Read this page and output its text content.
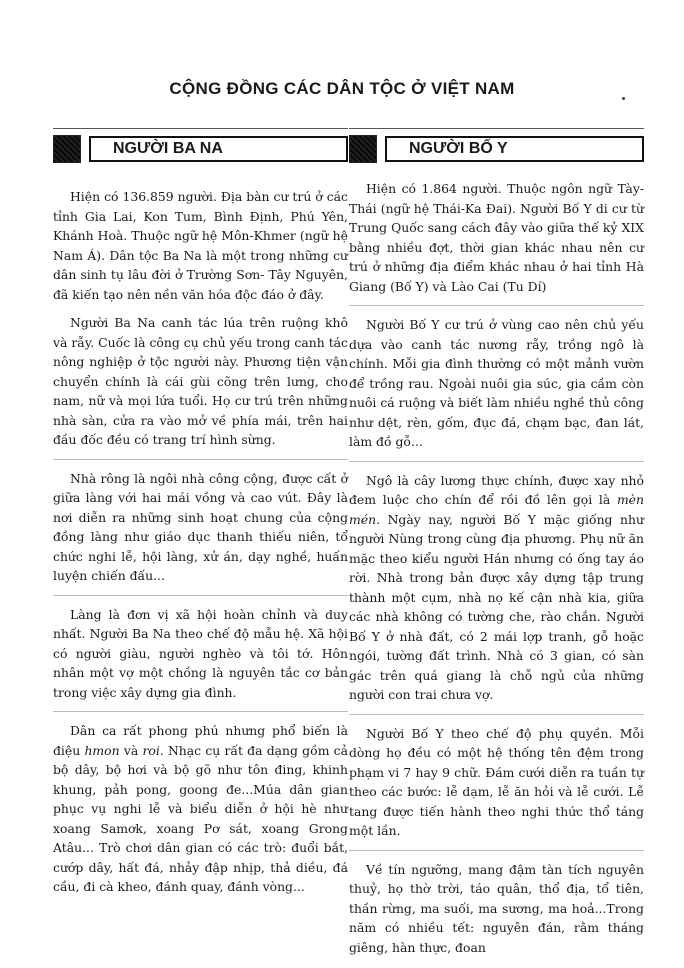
CỘNG ĐỒNG CÁC DÂN TỘC Ở VIỆT NAM
NGƯỜI BA NA

Hiện có 136.859 người. Địa bàn cư trú ở các tỉnh Gia Lai, Kon Tum, Bình Định, Phú Yên, Khánh Hoà. Thuộc ngữ hệ Môn-Khmer (ngữ hệ Nam Á). Dân tộc Ba Na là một trong những cư dân sinh tụ lâu đời ở Trường Sơn- Tây Nguyên, đã kiến tạo nên nền văn hóa độc đáo ở đây.

Người Ba Na canh tác lúa trên ruộng khô và rẫy. Cuốc là công cụ chủ yếu trong canh tác nông nghiệp ở tộc người này. Phương tiện vận chuyển chính là cái gùi cõng trên lưng, cho nam, nữ và mọi lứa tuổi. Họ cư trú trên những nhà sàn, cửa ra vào mở về phía mái, trên hai đầu đốc đều có trang trí hình sừng.

Nhà rông là ngôi nhà công cộng, được cất ở giữa làng với hai mái vồng và cao vút. Đây là nơi diễn ra những sinh hoạt chung của cộng đồng làng như giáo dục thanh thiếu niên, tổ chức nghi lễ, hội làng, xử án, dạy nghề, huấn luyện chiến đấu...

Làng là đơn vị xã hội hoàn chỉnh và duy nhất. Người Ba Na theo chế độ mẫu hệ. Xã hội có người giàu, người nghèo và tôi tớ. Hôn nhân một vợ một chồng là nguyên tắc cơ bản trong việc xây dựng gia đình.

Dân ca rất phong phú nhưng phổ biến là điệu hmon và roi. Nhạc cụ rất đa dạng gồm cả bộ dây, bộ hơi và bộ gõ như tôn đing, khinh khung, pảh pong, goong đe...Múa dân gian phục vụ nghi lễ và biểu diễn ở hội hè như xoang Samơk, xoang Pơ sát, xoang Grong Atâu... Trò chơi dân gian có các trò: đuổi bắt, cướp dây, hất đá, nhảy đập nhịp, thả diều, đá cầu, đi cà kheo, đánh quay, đánh vòng...

NGƯỜI BỐ Y

Hiện có 1.864 người. Thuộc ngôn ngữ Tày- Thái (ngữ hệ Thái-Ka Đai). Người Bố Y di cư từ Trung Quốc sang cách đây vào giữa thế kỷ XIX bằng nhiều đợt, thời gian khác nhau nên cư trú ở những địa điểm khác nhau ở hai tỉnh Hà Giang (Bố Y) và Lào Cai (Tu Dí)

Người Bố Y cư trú ở vùng cao nên chủ yếu dựa vào canh tác nương rẫy, trồng ngô là chính. Mỗi gia đình thường có một mảnh vườn để trồng rau. Ngoài nuôi gia súc, gia cầm còn nuôi cá ruộng và biết làm nhiều nghề thủ công như dệt, rèn, gốm, đục đá, chạm bạc, đan lát, làm đồ gỗ...

Ngô là cây lương thực chính, được xay nhỏ đem luộc cho chín để rồi đồ lên gọi là mèn mén. Ngày nay, người Bố Y mặc giống như người Nùng trong cùng địa phương. Phụ nữ ăn mặc theo kiểu người Hán nhưng có ống tay áo rời. Nhà trong bản được xây dựng tập trung thành một cụm, nhà nọ kế cận nhà kia, giữa các nhà không có tường che, rào chắn. Người Bố Y ở nhà đất, có 2 mái lợp tranh, gỗ hoặc ngói, tường đất trình. Nhà có 3 gian, có sàn gác trên quá giang là chỗ ngủ của những người con trai chưa vợ.

Người Bố Y theo chế độ phụ quyền. Mỗi dòng họ đều có một hệ thống tên đệm trong phạm vi 7 hay 9 chữ. Đám cưới diễn ra tuần tự theo các bước: lễ dạm, lễ ăn hỏi và lễ cưới. Lễ tang được tiến hành theo nghi thức thổ táng một lần.

Về tín ngưỡng, mang đậm tàn tích nguyên thuỷ, họ thờ trời, táo quân, thổ địa, tổ tiên, thần rừng, ma suối, ma sương, ma hoả...Trong năm có nhiều tết: nguyên đán, rằm tháng giêng, hàn thực, đoan
